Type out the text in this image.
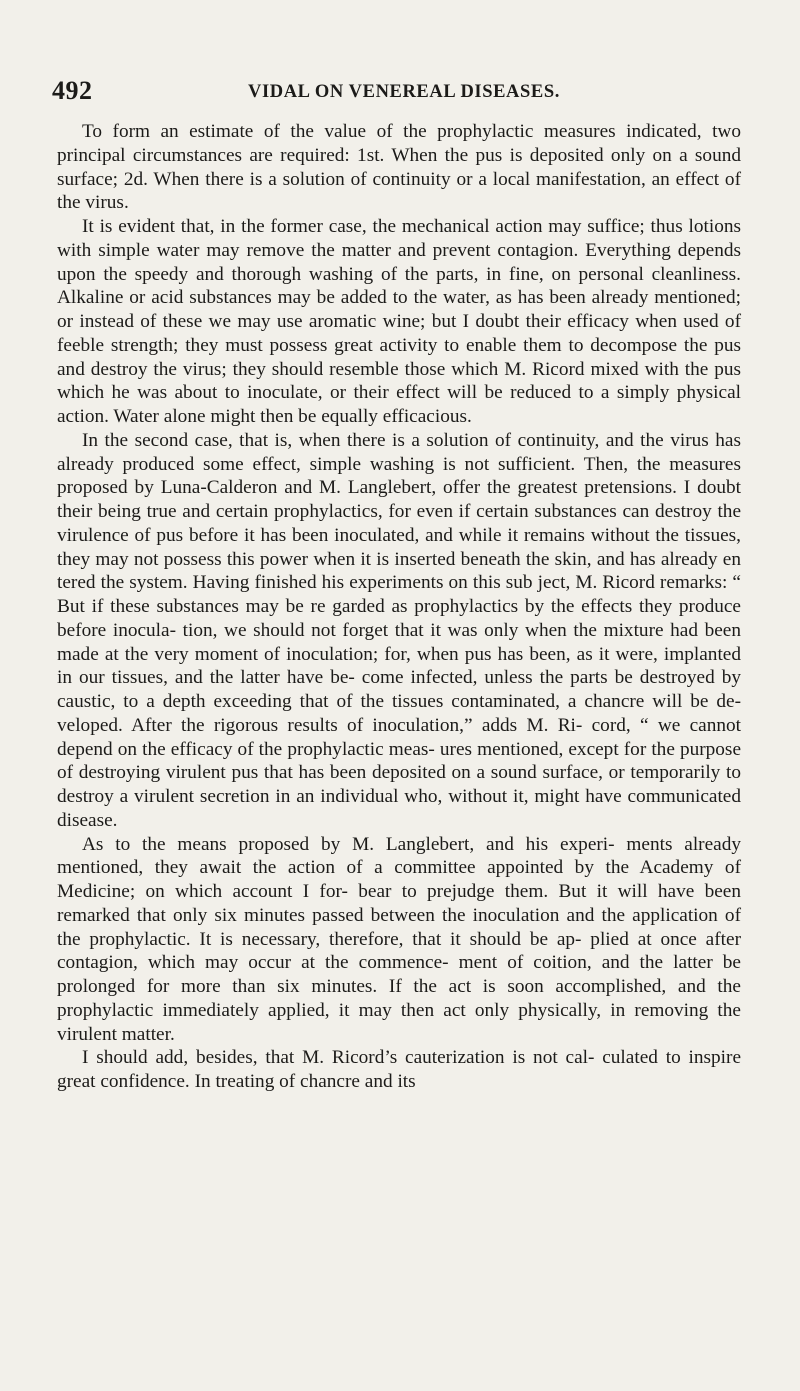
492	VIDAL ON VENEREAL DISEASES.

To form an estimate of the value of the prophylactic measures indicated, two principal circumstances are required: 1st. When the pus is deposited only on a sound surface; 2d. When there is a solution of continuity or a local manifestation, an effect of the virus.

It is evident that, in the former case, the mechanical action may suffice; thus lotions with simple water may remove the matter and prevent contagion. Everything depends upon the speedy and thorough washing of the parts, in fine, on personal cleanliness. Alkaline or acid substances may be added to the water, as has been already mentioned; or instead of these we may use aromatic wine; but I doubt their efficacy when used of feeble strength; they must possess great activity to enable them to decompose the pus and destroy the virus; they should resemble those which M. Ricord mixed with the pus which he was about to inoculate, or their effect will be reduced to a simply physical action. Water alone might then be equally efficacious.

In the second case, that is, when there is a solution of continuity, and the virus has already produced some effect, simple washing is not sufficient. Then, the measures proposed by Luna-Calderon and M. Langlebert, offer the greatest pretensions. I doubt their being true and certain prophylactics, for even if certain substances can destroy the virulence of pus before it has been inoculated, and while it remains without the tissues, they may not possess this power when it is inserted beneath the skin, and has already en tered the system. Having finished his experiments on this sub ject, M. Ricord remarks: “ But if these substances may be re garded as prophylactics by the effects they produce before inocula- tion, we should not forget that it was only when the mixture had been made at the very moment of inoculation; for, when pus has been, as it were, implanted in our tissues, and the latter have be- come infected, unless the parts be destroyed by caustic, to a depth exceeding that of the tissues contaminated, a chancre will be de- veloped. After the rigorous results of inoculation,” adds M. Ri- cord, “ we cannot depend on the efficacy of the prophylactic meas- ures mentioned, except for the purpose of destroying virulent pus that has been deposited on a sound surface, or temporarily to destroy a virulent secretion in an individual who, without it, might have communicated disease.

As to the means proposed by M. Langlebert, and his experi- ments already mentioned, they await the action of a committee appointed by the Academy of Medicine; on which account I for- bear to prejudge them. But it will have been remarked that only six minutes passed between the inoculation and the application of the prophylactic. It is necessary, therefore, that it should be ap- plied at once after contagion, which may occur at the commence- ment of coition, and the latter be prolonged for more than six minutes. If the act is soon accomplished, and the prophylactic immediately applied, it may then act only physically, in removing the virulent matter.

I should add, besides, that M. Ricord’s cauterization is not cal- culated to inspire great confidence. In treating of chancre and its
